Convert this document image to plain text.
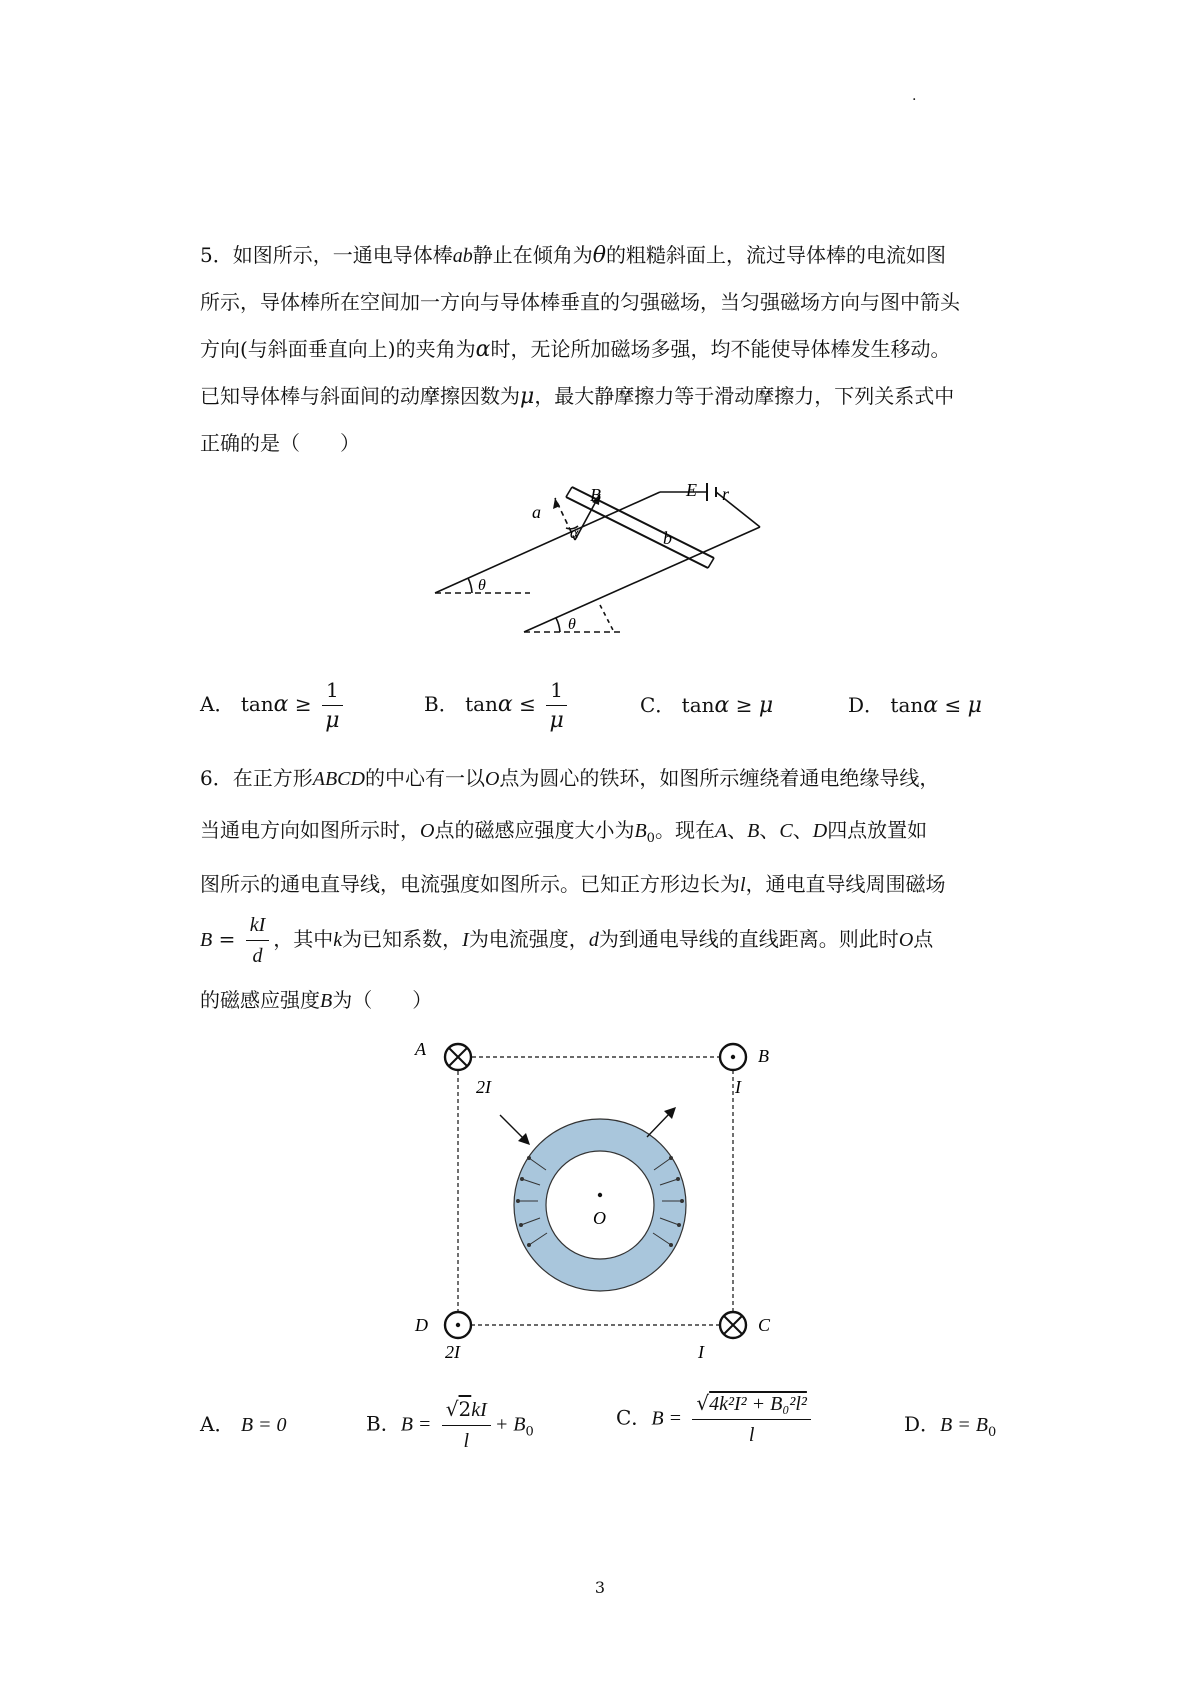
.
5．如图所示，一通电导体棒ab静止在倾角为θ的粗糙斜面上，流过导体棒的电流如图
所示，导体棒所在空间加一方向与导体棒垂直的匀强磁场，当匀强磁场方向与图中箭头
方向(与斜面垂直向上)的夹角为α时，无论所加磁场多强，均不能使导体棒发生移动。
已知导体棒与斜面间的动摩擦因数为μ，最大静摩擦力等于滑动摩擦力，下列关系式中
正确的是（　　）
a
b
B	E r
α
θ
θ
A． $\tan\alpha \ge \frac{1}{\mu}$	B． $\tan\alpha \le \frac{1}{\mu}$	C． tanα ≥ μ	D． tanα ≤ μ
6．在正方形ABCD的中心有一以O点为圆心的铁环，如图所示缠绕着通电绝缘导线，
当通电方向如图所示时，O点的磁感应强度大小为$B_0$。现在A、B、C、D四点放置如
图所示的通电直导线，电流强度如图所示。已知正方形边长为l，通电直导线周围磁场
$B = \frac{kI}{d}$ ，其中k为已知系数，I为电流强度，d为到通电导线的直线距离。则此时O点
的磁感应强度B为（　　）
O
A	B
C
D
2I	I
I
2I
A． B = 0	B．$B = \frac{√2kI}{l} + B_0$
C．$B = \frac{\text{√4k²I² + B₀²l²}}{l}$	D．$B = B_0$
3
